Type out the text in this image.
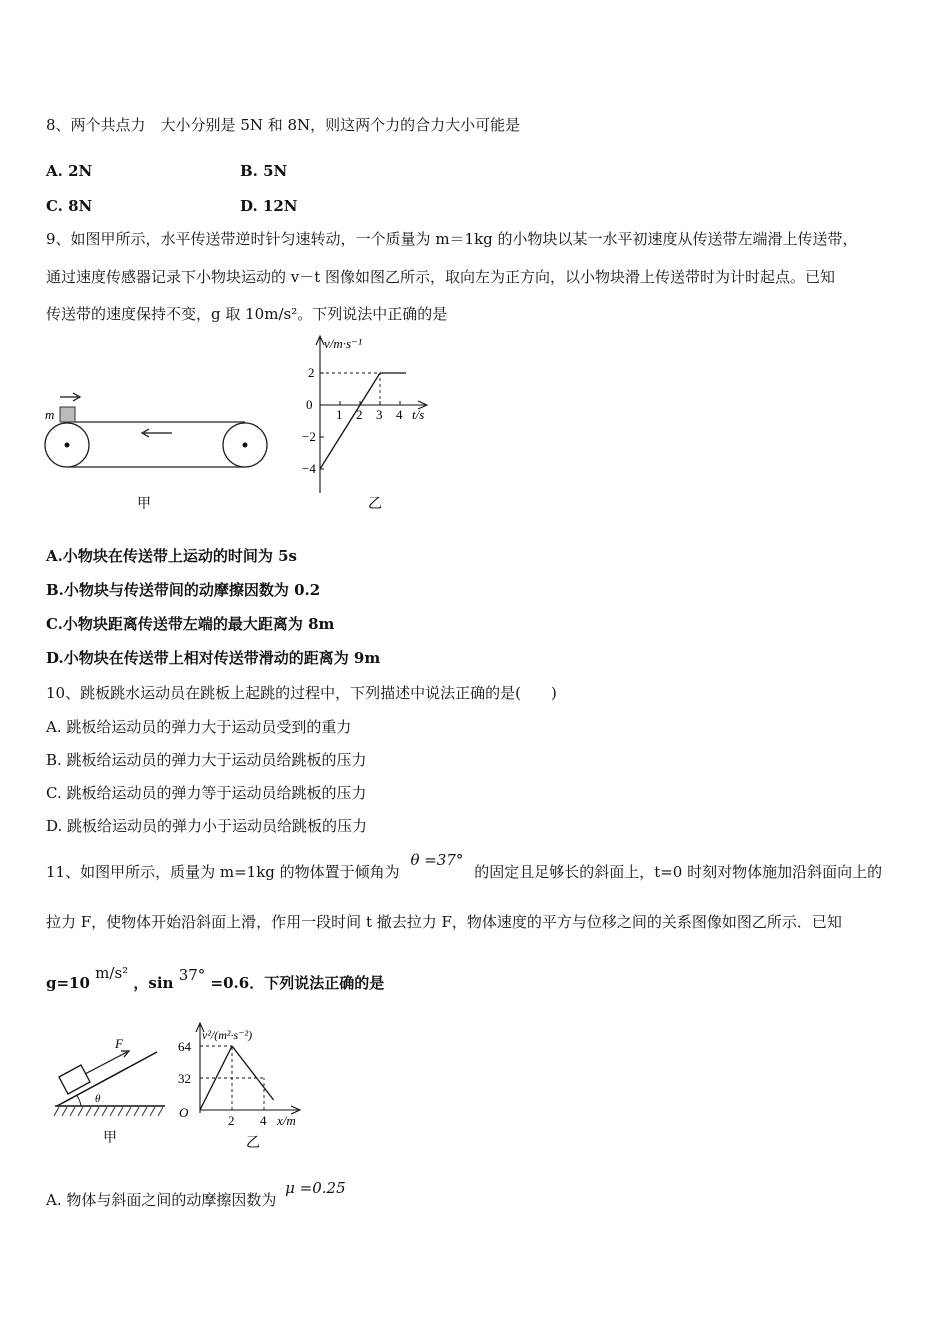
8、两个共点力　大小分别是 5N 和 8N，则这两个力的合力大小可能是
A. 2N	B. 5N
C. 8N	D. 12N
9、如图甲所示，水平传送带逆时针匀速转动，一个质量为 m＝1kg 的小物块以某一水平初速度从传送带左端滑上传送带，
通过速度传感器记录下小物块运动的 v－t 图像如图乙所示，取向左为正方向，以小物块滑上传送带时为计时起点。已知
传送带的速度保持不变，g 取 10m/s²。下列说法中正确的是
m
甲
v/m·s⁻¹
t/s
1 2 3 4
2
0
−2
−4
乙
A.小物块在传送带上运动的时间为 5s
B.小物块与传送带间的动摩擦因数为 0.2
C.小物块距离传送带左端的最大距离为 8m
D.小物块在传送带上相对传送带滑动的距离为 9m
10、跳板跳水运动员在跳板上起跳的过程中，下列描述中说法正确的是(　　)
A. 跳板给运动员的弹力大于运动员受到的重力
B. 跳板给运动员的弹力大于运动员给跳板的压力
C. 跳板给运动员的弹力等于运动员给跳板的压力
D. 跳板给运动员的弹力小于运动员给跳板的压力
11、如图甲所示，质量为 m=1kg 的物体置于倾角为 θ =37° 的固定且足够长的斜面上，t=0 时刻对物体施加沿斜面向上的
拉力 F，使物体开始沿斜面上滑，作用一段时间 t 撤去拉力 F，物体速度的平方与位移之间的关系图像如图乙所示．已知
g=10 m/s² ，sin 37° =0.6．下列说法正确的是
F
θ
甲
v²/(m²·s⁻²)
x/m
O
2 4
64
32
乙
A. 物体与斜面之间的动摩擦因数为 μ =0.25
